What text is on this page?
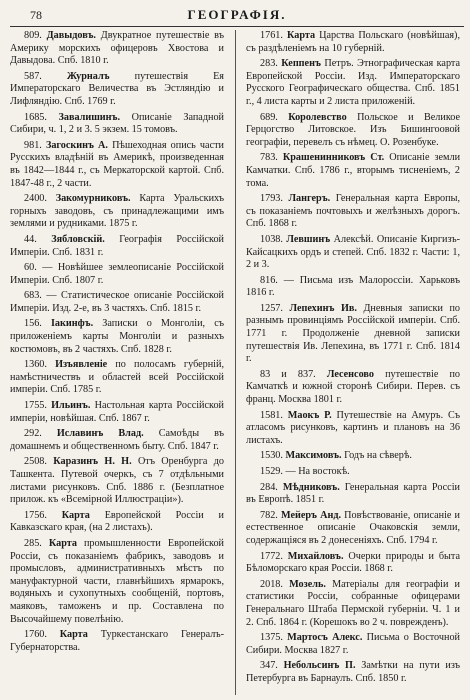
78	ГЕОГРАФІЯ.

809. Давыдовъ. Двукратное путешествіе въ Америку морскихъ офицеровъ Хвостова и Давыдова. Спб. 1810 г.

587. Журналъ путешествія Ея Императорскаго Величества въ Эстляндію и Лифляндію. Спб. 1769 г.

1685. Завалишинъ. Описаніе Западной Сибири, ч. 1, 2 и 3. 5 экзем. 15 томовъ.

981. Загоскинъ А. Пѣшеходная опись части Русскихъ владѣній въ Америкѣ, произведенная въ 1842—1844 г., съ Меркаторской картой. Спб. 1847-48 г., 2 части.

2400. Закомурниковъ. Карта Уральскихъ горныхъ заводовъ, съ принадлежащими имъ землями и рудниками. 1875 г.

44. Зябловскій. Географія Россійской Имперіи. Спб. 1831 г.

60. — Новѣйшее землеописаніе Россійской Имперіи. Спб. 1807 г.

683. — Статистическое описаніе Россійской Имперіи. Изд. 2-е, въ 3 частяхъ. Спб. 1815 г.

156. Іакинфъ. Записки о Монголіи, съ приложеніемъ карты Монголіи и разныхъ костюмовъ, въ 2 частяхъ. Спб. 1828 г.

1360. Изъявленіе по полосамъ губерній, намѣстничествъ и областей всей Россійской имперіи. Спб. 1785 г.

1755. Ильинъ. Настольная карта Россійской имперіи, новѣйшая. Спб. 1867 г.

292. Иславинъ Влад. Самоѣды въ домашнемъ и общественномъ быту. Спб. 1847 г.

2508. Каразинъ Н. Н. Отъ Оренбурга до Ташкента. Путевой очеркъ, съ 7 отдѣльными листами рисунковъ. Спб. 1886 г. (Безплатное прилож. къ «Всемірной Иллюстраціи»).

1756. Карта Европейской Россіи и Кавказскаго края, (на 2 листахъ).

285. Карта промышленности Европейской Россіи, съ показаніемъ фабрикъ, заводовъ и промысловъ, административныхъ мѣстъ по мануфактурной части, главнѣйшихъ ярмарокъ, водяныхъ и сухопутныхъ сообщеній, портовъ, маяковъ, таможенъ и пр. Составлена по Высочайшему повелѣнію.

1760. Карта Туркестанскаго Генералъ-Губернаторства.

1761. Карта Царства Польскаго (новѣйшая), съ раздѣленіемъ на 10 губерній.

283. Кеппенъ Петръ. Этнографическая карта Европейской Россіи. Изд. Императорскаго Русского Географическаго общества. Спб. 1851 г., 4 листа карты и 2 листа приложеній.

689. Королевство Польское и Великое Герцогство Литовское. Изъ Бишингоовой географіи, перевелъ съ нѣмец. О. Розенбуке.

783. Крашенинниковъ Ст. Описаніе земли Камчатки. Спб. 1786 г., вторымъ тисненіемъ, 2 тома.

1793. Лангеръ. Генеральная карта Европы, съ показаніемъ почтовыхъ и желѣзныхъ дорогъ. Спб. 1868 г.

1038. Левшинъ Алексѣй. Описаніе Киргизъ-Кайсацкихъ ордъ и степей. Спб. 1832 г. Части: 1, 2 и 3.

816. — Письма изъ Малороссіи. Харьковъ 1816 г.

1257. Лепехинъ Ив. Дневныя записки по разнымъ провинціямъ Россійской имперіи. Спб. 1771 г. Продолженіе дневной записки путешествія Ив. Лепехина, въ 1771 г. Спб. 1814 г.

83 и 837. Лесенсово путешествіе по Камчаткѣ и южной сторонѣ Сибири. Перев. съ франц. Москва 1801 г.

1581. Маокъ Р. Путешествіе на Амуръ. Съ атласомъ рисунковъ, картинъ и плановъ на 36 листахъ.

1530. Максимовъ. Годъ на сѣверѣ.

1529. — На востокѣ.

284. Мѣдниковъ. Генеральная карта Россіи въ Европѣ. 1851 г.

782. Мейеръ Анд. Повѣствованіе, описаніе и естественное описаніе Очаковскія земли, содержащіяся въ 2 донесеніяхъ. Спб. 1794 г.

1772. Михайловъ. Очерки природы и быта Бѣломорскаго края Россіи. 1868 г.

2018. Мозель. Матеріалы для географіи и статистики Россіи, собранные офицерами Генеральнаго Штаба Пермской губерніи. Ч. 1 и 2. Спб. 1864 г. (Корешокъ во 2 ч. поврежденъ).

1375. Мартосъ Алекс. Письма о Восточной Сибири. Москва 1827 г.

347. Небольсинъ П. Замѣтки на пути изъ Петербурга въ Барнаулъ. Спб. 1850 г.
